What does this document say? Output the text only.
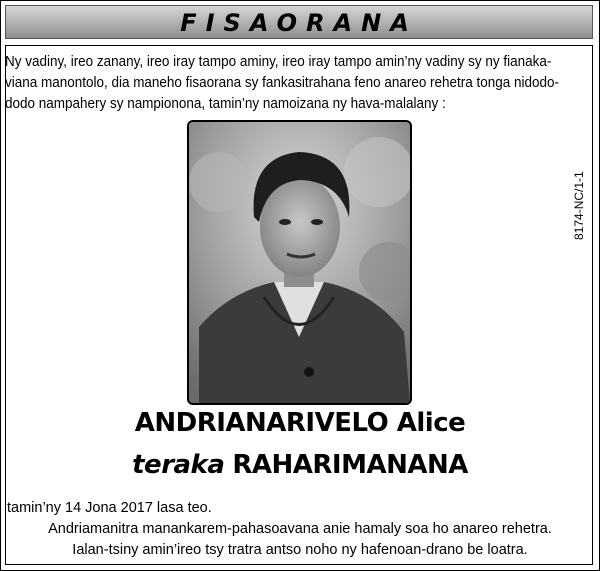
FISAORANA
Ny vadiny, ireo zanany, ireo iray tampo aminy, ireo iray tampo amin’ny vadiny sy ny fianaka-
viana manontolo, dia maneho fisaorana sy fankasitrahana feno anareo rehetra tonga nidodo-
dodo nampahery sy nampionona, tamin’ny namoizana ny hava-malalany :
8174-NC/1-1
ANDRIANARIVELO Alice
teraka RAHARIMANANA
tamin’ny 14 Jona 2017 lasa teo.
Andriamanitra manankarem-pahasoavana anie hamaly soa ho anareo rehetra.
Ialan-tsiny amin’ireo tsy tratra antso noho ny hafenoan-drano be loatra.
